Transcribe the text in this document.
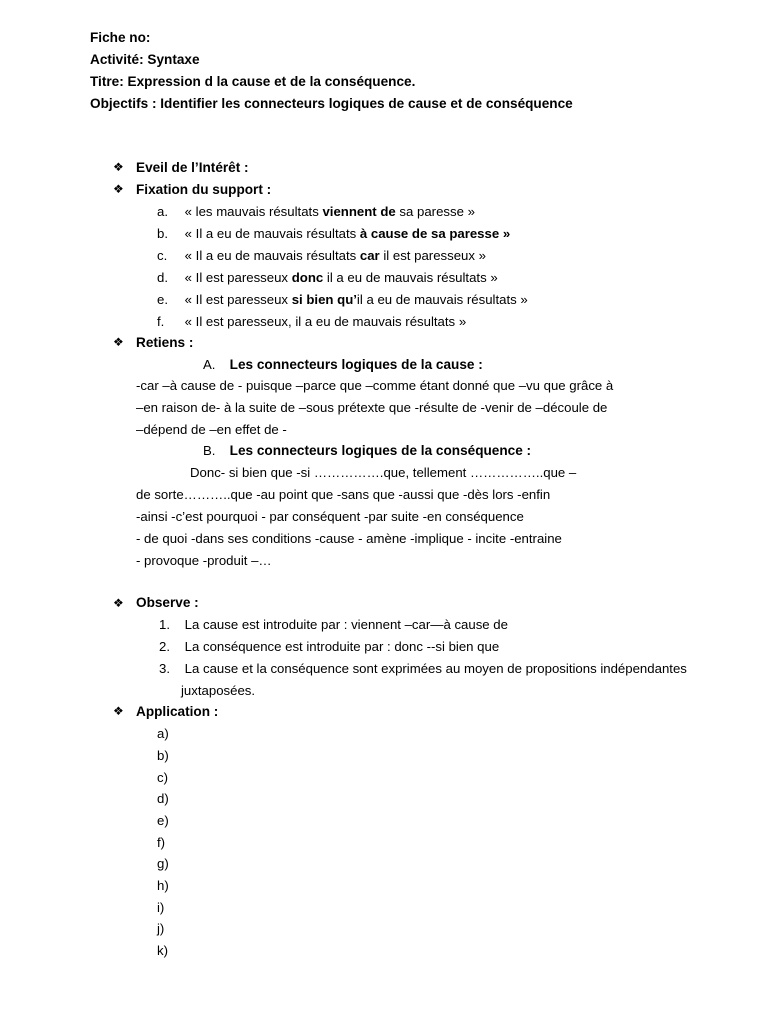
Fiche no:
Activité: Syntaxe
Titre: Expression d la cause et de la conséquence.
Objectifs : Identifier les connecteurs logiques de cause et de conséquence
❖ Eveil de l’Intérêt :
❖ Fixation du support :
a. « les mauvais résultats viennent de sa paresse »
b. « Il a eu de mauvais résultats à cause de sa paresse »
c. « Il a eu de mauvais résultats car il est paresseux »
d. « Il est paresseux donc il a eu de mauvais résultats »
e. « Il est paresseux si bien qu’il a eu de mauvais résultats »
f. « Il est paresseux, il a eu de mauvais résultats »
❖ Retiens :
A. Les connecteurs logiques de la cause :
-car –à cause de - puisque –parce que –comme étant donné que –vu que grâce à
–en raison de- à la suite de –sous prétexte que -résulte de -venir de –découle de
–dépend de –en effet de -
B. Les connecteurs logiques de la conséquence :
Donc- si bien que -si …………….que, tellement ……………..que –
de sorte………..que -au point que -sans que -aussi que -dès lors -enfin
-ainsi -c’est pourquoi - par conséquent -par suite -en conséquence
- de quoi -dans ses conditions -cause - amène -implique - incite -entraine
- provoque -produit –…
❖ Observe :
1. La cause est introduite par : viennent –car—à cause de
2. La conséquence est introduite par : donc --si bien que
3. La cause et la conséquence sont exprimées au moyen de propositions indépendantes
juxtaposées.
❖ Application :
a)
b)
c)
d)
e)
f)
g)
h)
i)
j)
k)
